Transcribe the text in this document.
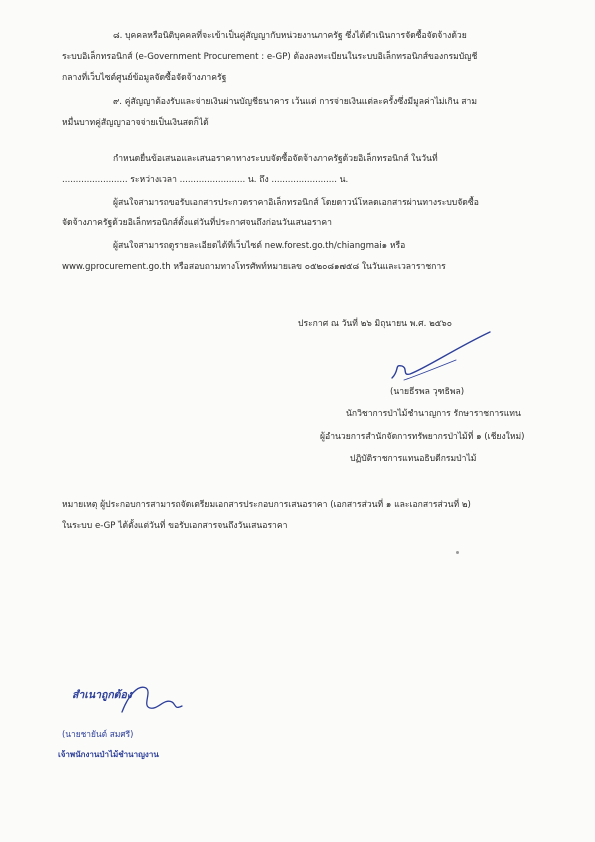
๘. บุคคลหรือนิติบุคคลที่จะเข้าเป็นคู่สัญญากับหน่วยงานภาครัฐ ซึ่งได้ดำเนินการจัดซื้อจัดจ้างด้วย
ระบบอิเล็กทรอนิกส์ (e-Government Procurement : e-GP) ต้องลงทะเบียนในระบบอิเล็กทรอนิกส์ของกรมบัญชี
กลางที่เว็บไซต์ศูนย์ข้อมูลจัดซื้อจัดจ้างภาครัฐ
๙. คู่สัญญาต้องรับและจ่ายเงินผ่านบัญชีธนาคาร เว้นแต่ การจ่ายเงินแต่ละครั้งซึ่งมีมูลค่าไม่เกิน สาม
หมื่นบาทคู่สัญญาอาจจ่ายเป็นเงินสดก็ได้
กำหนดยื่นข้อเสนอและเสนอราคาทางระบบจัดซื้อจัดจ้างภาครัฐด้วยอิเล็กทรอนิกส์ ในวันที่
........................ ระหว่างเวลา ........................ น. ถึง ........................ น.
ผู้สนใจสามารถขอรับเอกสารประกวดราคาอิเล็กทรอนิกส์ โดยดาวน์โหลดเอกสารผ่านทางระบบจัดซื้อ
จัดจ้างภาครัฐด้วยอิเล็กทรอนิกส์ตั้งแต่วันที่ประกาศจนถึงก่อนวันเสนอราคา
ผู้สนใจสามารถดูรายละเอียดได้ที่เว็บไซต์ new.forest.go.th/chiangmai๑ หรือ
www.gprocurement.go.th หรือสอบถามทางโทรศัพท์หมายเลข ๐๕๒๐๘๑๗๕๘ ในวันและเวลาราชการ
ประกาศ ณ วันที่ ๒๖ มิถุนายน พ.ศ. ๒๕๖๐
(นายธีรพล วุฑธิพล)
นักวิชาการป่าไม้ชำนาญการ รักษาราชการแทน
ผู้อำนวยการสำนักจัดการทรัพยากรป่าไม้ที่ ๑ (เชียงใหม่)
ปฏิบัติราชการแทนอธิบดีกรมป่าไม้
หมายเหตุ ผู้ประกอบการสามารถจัดเตรียมเอกสารประกอบการเสนอราคา (เอกสารส่วนที่ ๑ และเอกสารส่วนที่ ๒)
ในระบบ e-GP ได้ตั้งแต่วันที่ ขอรับเอกสารจนถึงวันเสนอราคา
สำเนาถูกต้อง
(นายชายันต์ สมศรี)
เจ้าพนักงานป่าไม้ชำนาญงาน
